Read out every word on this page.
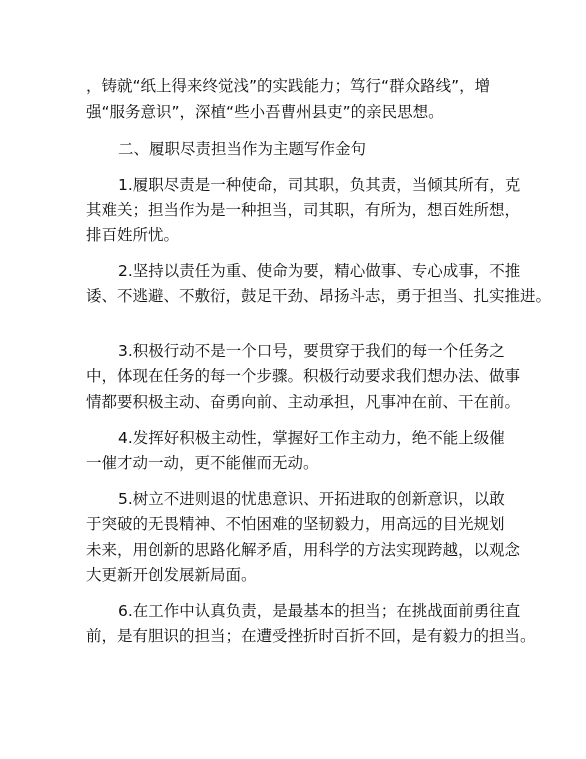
，铸就“纸上得来终觉浅”的实践能力；笃行“群众路线”，增
强“服务意识”，深植“些小吾曹州县吏”的亲民思想。
二、履职尽责担当作为主题写作金句
1.履职尽责是一种使命，司其职，负其责，当倾其所有，克
其难关；担当作为是一种担当，司其职，有所为，想百姓所想，
排百姓所忧。
2.坚持以责任为重、使命为要，精心做事、专心成事，不推
诿、不逃避、不敷衍，鼓足干劲、昂扬斗志，勇于担当、扎实推进。
3.积极行动不是一个口号，要贯穿于我们的每一个任务之
中，体现在任务的每一个步骤。积极行动要求我们想办法、做事
情都要积极主动、奋勇向前、主动承担，凡事冲在前、干在前。
4.发挥好积极主动性，掌握好工作主动力，绝不能上级催
一催才动一动，更不能催而无动。
5.树立不进则退的忧患意识、开拓进取的创新意识，以敢
于突破的无畏精神、不怕困难的坚韧毅力，用高远的目光规划
未来，用创新的思路化解矛盾，用科学的方法实现跨越，以观念
大更新开创发展新局面。
6.在工作中认真负责，是最基本的担当；在挑战面前勇往直
前，是有胆识的担当；在遭受挫折时百折不回，是有毅力的担当。
